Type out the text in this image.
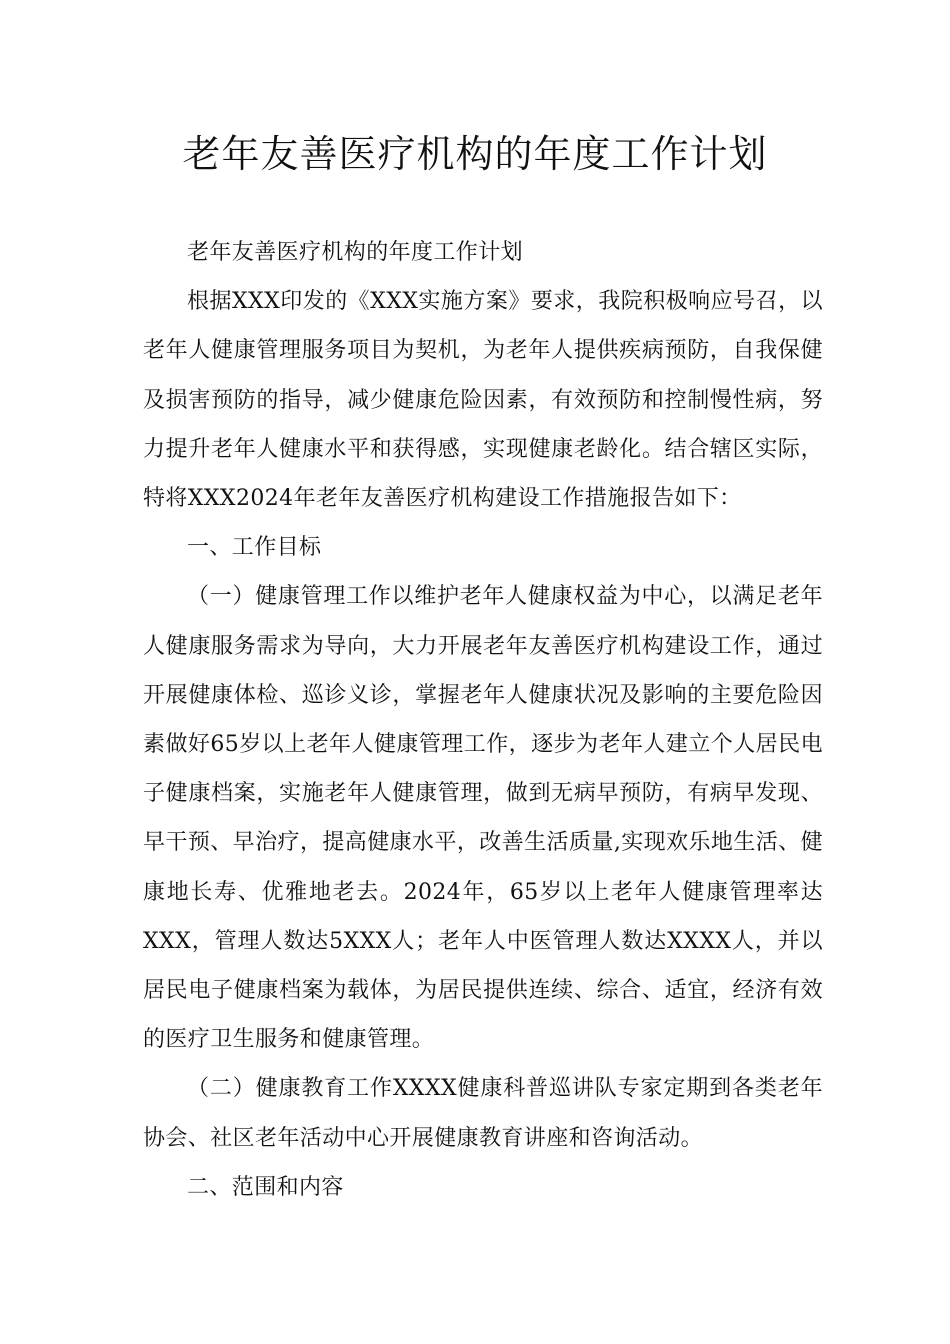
老年友善医疗机构的年度工作计划

老年友善医疗机构的年度工作计划

根据XXX印发的《XXX实施方案》要求，我院积极响应号召，以老年人健康管理服务项目为契机，为老年人提供疾病预防，自我保健及损害预防的指导，减少健康危险因素，有效预防和控制慢性病，努力提升老年人健康水平和获得感，实现健康老龄化。结合辖区实际，特将XXX2024年老年友善医疗机构建设工作措施报告如下：

一、工作目标

（一）健康管理工作以维护老年人健康权益为中心，以满足老年人健康服务需求为导向，大力开展老年友善医疗机构建设工作，通过开展健康体检、巡诊义诊，掌握老年人健康状况及影响的主要危险因素做好65岁以上老年人健康管理工作，逐步为老年人建立个人居民电子健康档案，实施老年人健康管理，做到无病早预防，有病早发现、早干预、早治疗，提高健康水平，改善生活质量,实现欢乐地生活、健康地长寿、优雅地老去。2024年，65岁以上老年人健康管理率达XXX，管理人数达5XXX人；老年人中医管理人数达XXXX人，并以居民电子健康档案为载体，为居民提供连续、综合、适宜，经济有效的医疗卫生服务和健康管理。

（二）健康教育工作XXXX健康科普巡讲队专家定期到各类老年协会、社区老年活动中心开展健康教育讲座和咨询活动。

二、范围和内容
